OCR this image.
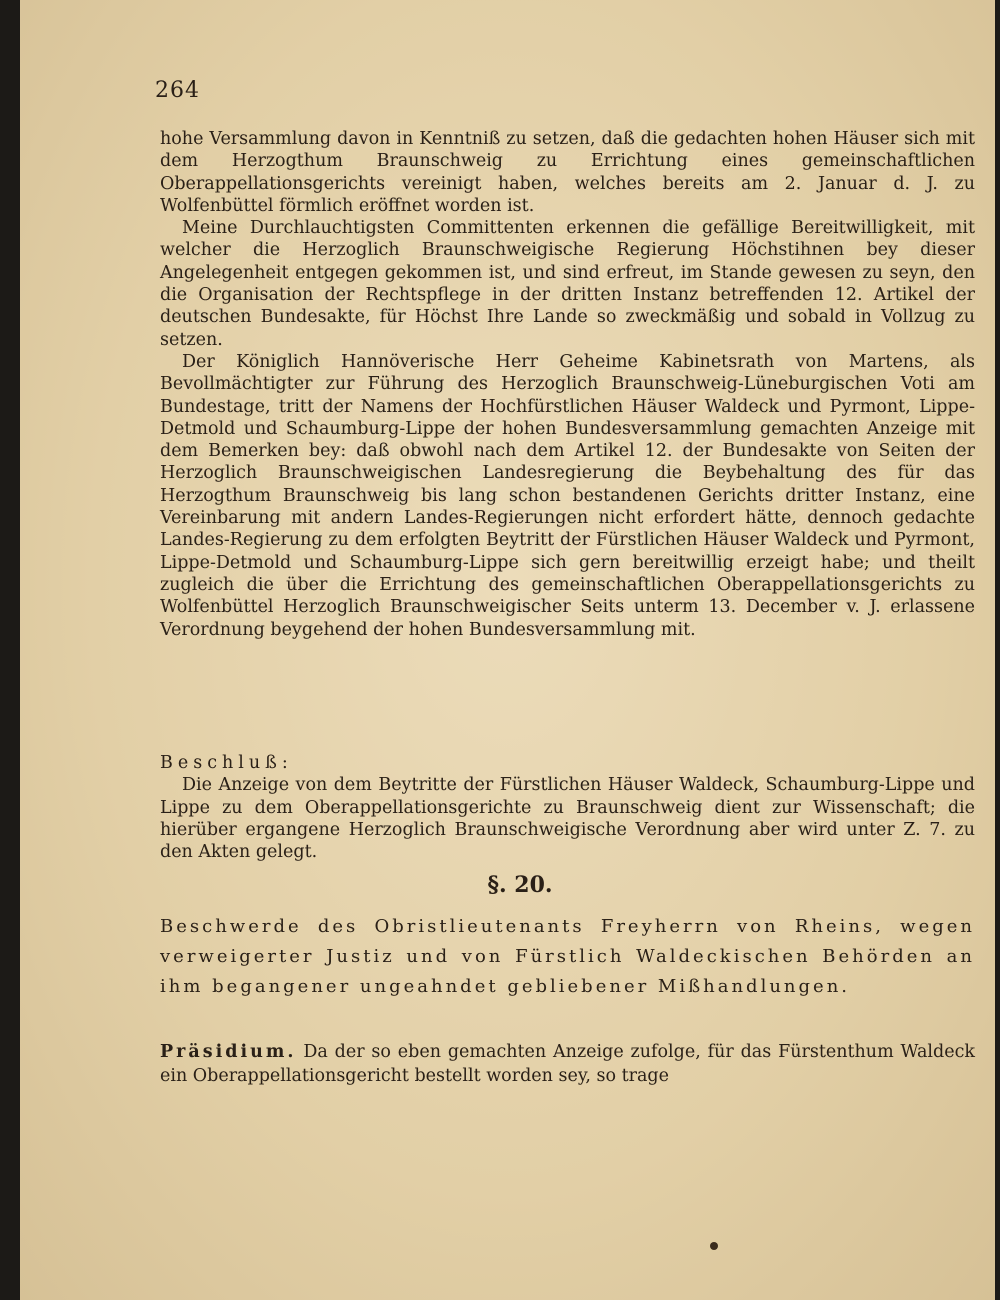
264

hohe Versammlung davon in Kenntniß zu setzen, daß die gedachten hohen Häuser sich mit dem Herzogthum Braunschweig zu Errichtung eines gemeinschaftlichen Oberappellationsgerichts vereinigt haben, welches bereits am 2. Januar d. J. zu Wolfenbüttel förmlich eröffnet worden ist.

Meine Durchlauchtigsten Committenten erkennen die gefällige Bereitwilligkeit, mit welcher die Herzoglich Braunschweigische Regierung Höchstihnen bey dieser Angelegenheit entgegen gekommen ist, und sind erfreut, im Stande gewesen zu seyn, den die Organisation der Rechtspflege in der dritten Instanz betreffenden 12. Artikel der deutschen Bundesakte, für Höchst Ihre Lande so zweckmäßig und sobald in Vollzug zu setzen.

Der Königlich Hannöverische Herr Geheime Kabinetsrath von Martens, als Bevollmächtigter zur Führung des Herzoglich Braunschweig-Lüneburgischen Voti am Bundestage, tritt der Namens der Hochfürstlichen Häuser Waldeck und Pyrmont, Lippe-Detmold und Schaumburg-Lippe der hohen Bundesversammlung gemachten Anzeige mit dem Bemerken bey: daß obwohl nach dem Artikel 12. der Bundesakte von Seiten der Herzoglich Braunschweigischen Landesregierung die Beybehaltung des für das Herzogthum Braunschweig bis lang schon bestandenen Gerichts dritter Instanz, eine Vereinbarung mit andern Landes-Regierungen nicht erfordert hätte, dennoch gedachte Landes-Regierung zu dem erfolgten Beytritt der Fürstlichen Häuser Waldeck und Pyrmont, Lippe-Detmold und Schaumburg-Lippe sich gern bereitwillig erzeigt habe; und theilt zugleich die über die Errichtung des gemeinschaftlichen Oberappellationsgerichts zu Wolfenbüttel Herzoglich Braunschweigischer Seits unterm 13. December v. J. erlassene Verordnung beygehend der hohen Bundesversammlung mit.

Beschluß:

Die Anzeige von dem Beytritte der Fürstlichen Häuser Waldeck, Schaumburg-Lippe und Lippe zu dem Oberappellationsgerichte zu Braunschweig dient zur Wissenschaft; die hierüber ergangene Herzoglich Braunschweigische Verordnung aber wird unter Z. 7. zu den Akten gelegt.

§. 20.
Beschwerde des Obristlieutenants Freyherrn von Rheins, wegen verweigerter Justiz und von Fürstlich Waldeckischen Behörden an ihm begangener ungeahndet gebliebener Mißhandlungen.
Präsidium. Da der so eben gemachten Anzeige zufolge, für das Fürstenthum Waldeck ein Oberappellationsgericht bestellt worden sey, so trage
